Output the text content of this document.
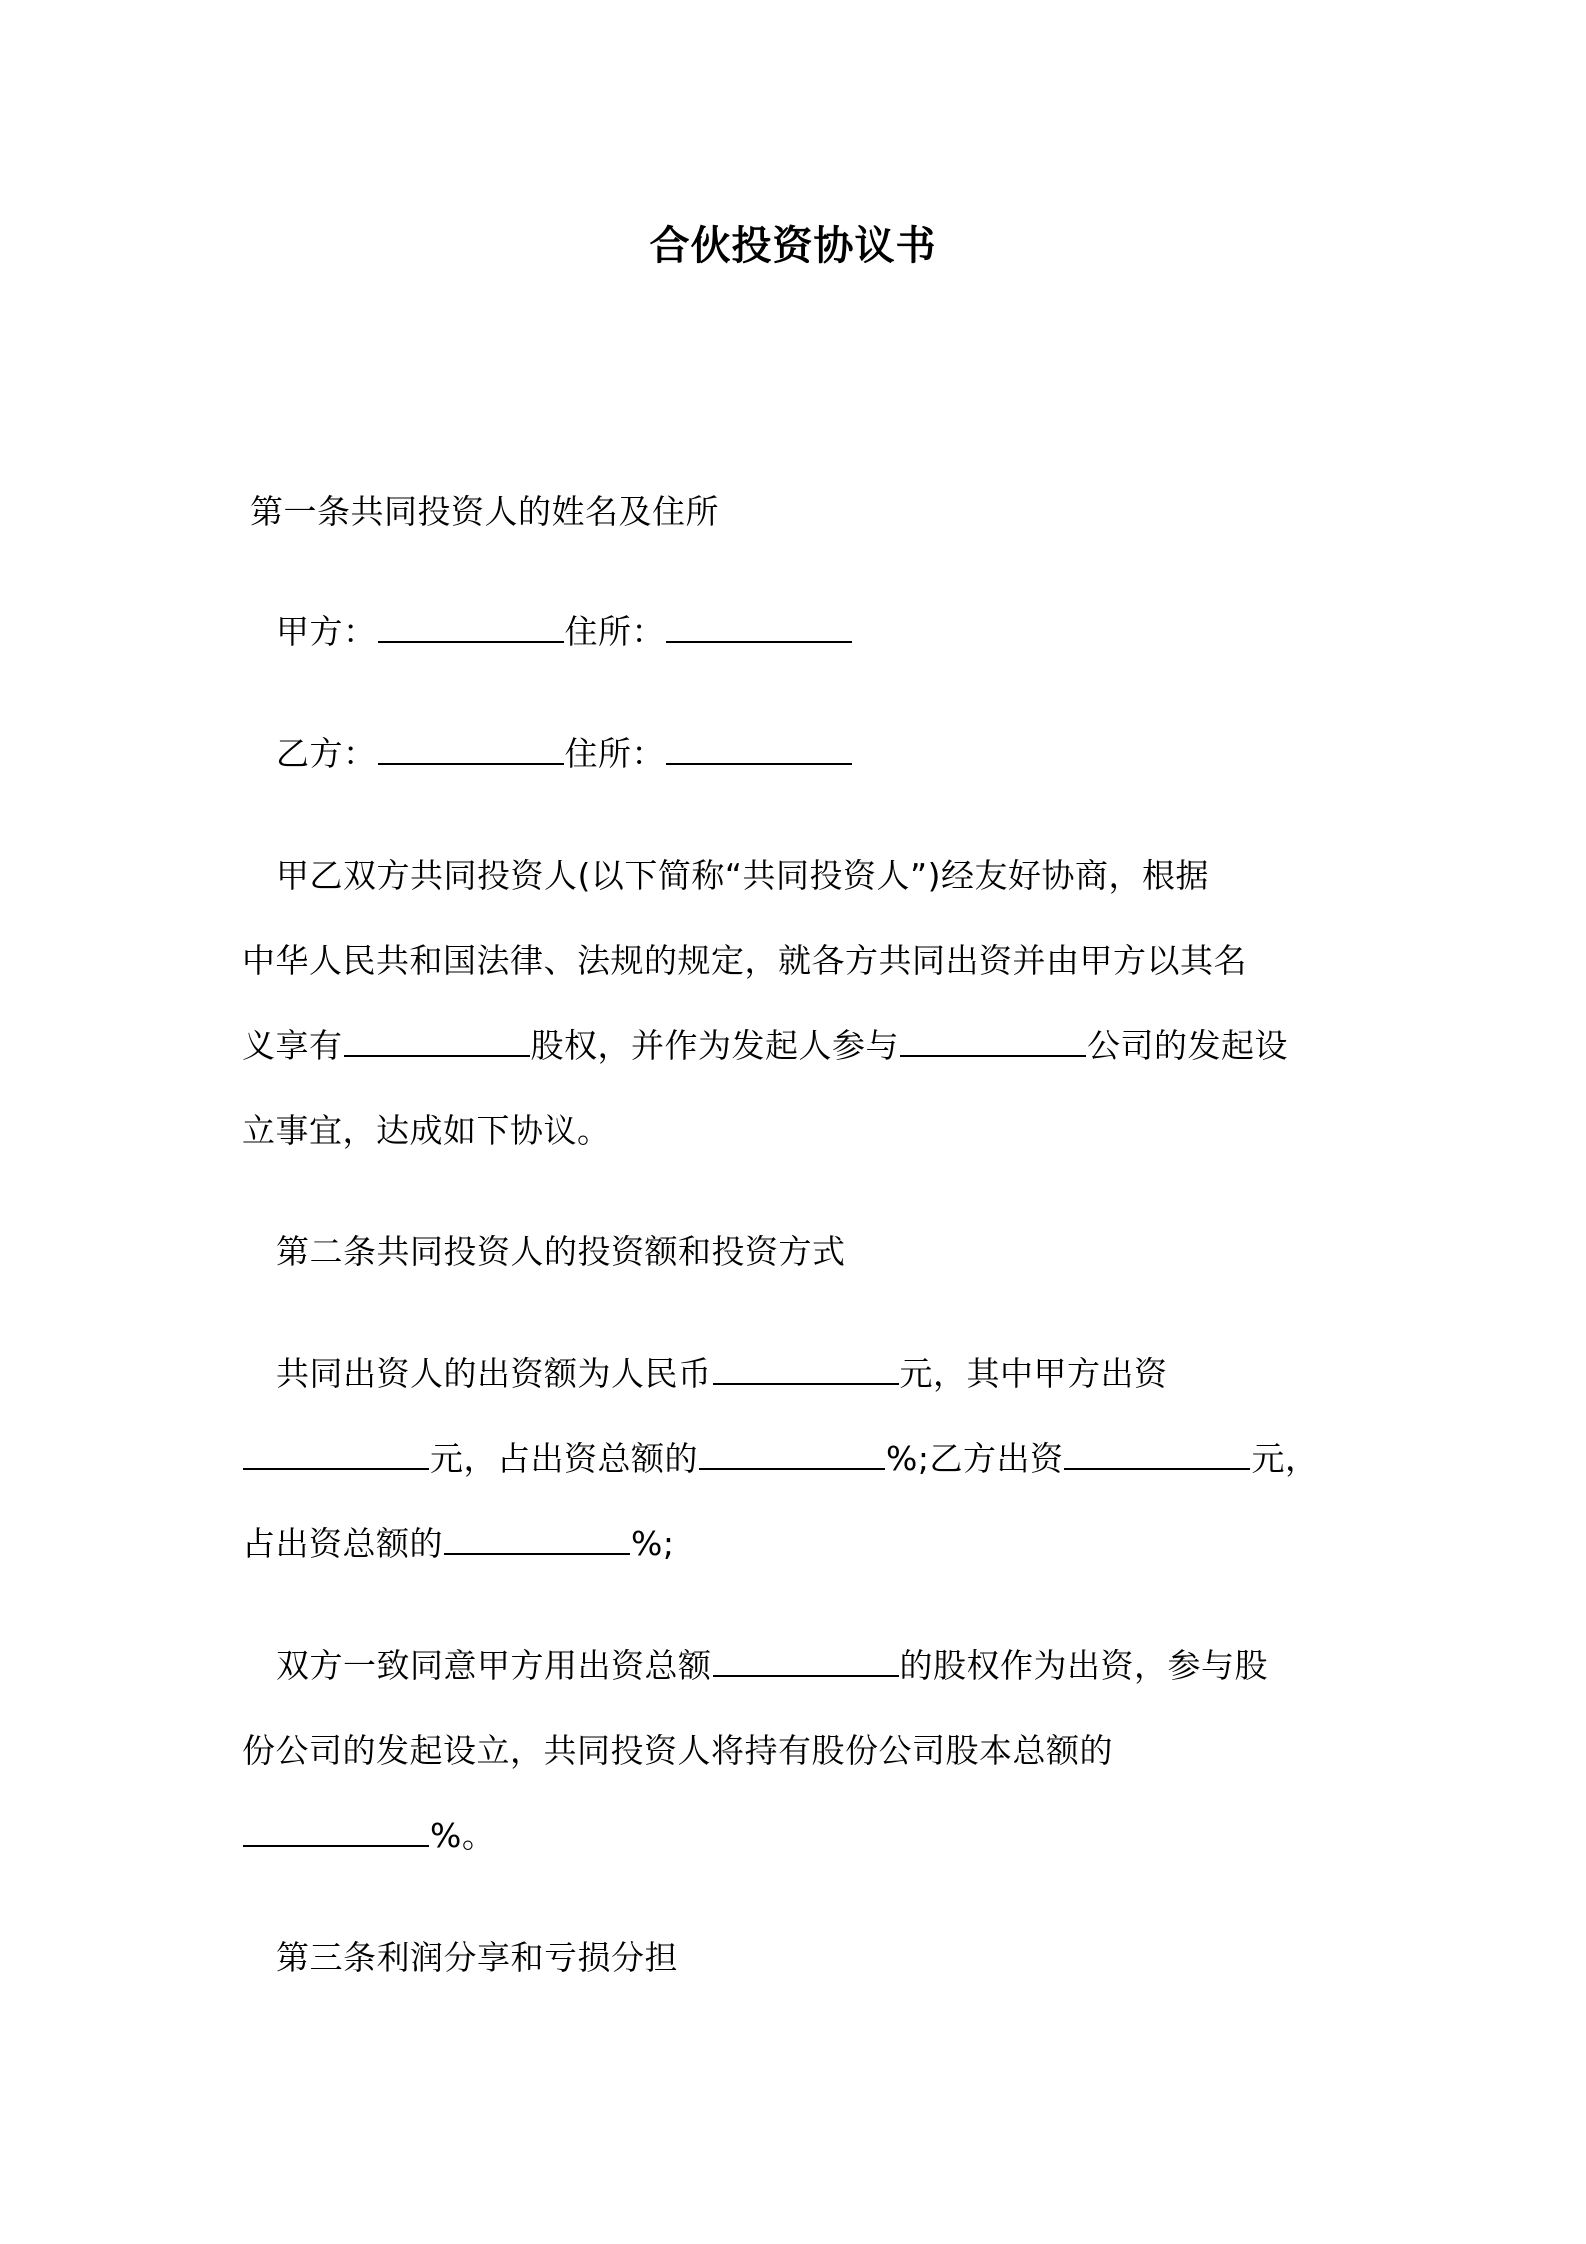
合伙投资协议书
第一条共同投资人的姓名及住所
甲方：	住所：
乙方：	住所：
甲乙双方共同投资人(以下简称“共同投资人”)经友好协商，根据
中华人民共和国法律、法规的规定，就各方共同出资并由甲方以其名
义享有	股权，并作为发起人参与	公司的发起设
立事宜，达成如下协议。
第二条共同投资人的投资额和投资方式
共同出资人的出资额为人民币	元，其中甲方出资
元，占出资总额的	%;乙方出资	元，
占出资总额的	%;
双方一致同意甲方用出资总额	的股权作为出资，参与股
份公司的发起设立，共同投资人将持有股份公司股本总额的
%。
第三条利润分享和亏损分担
